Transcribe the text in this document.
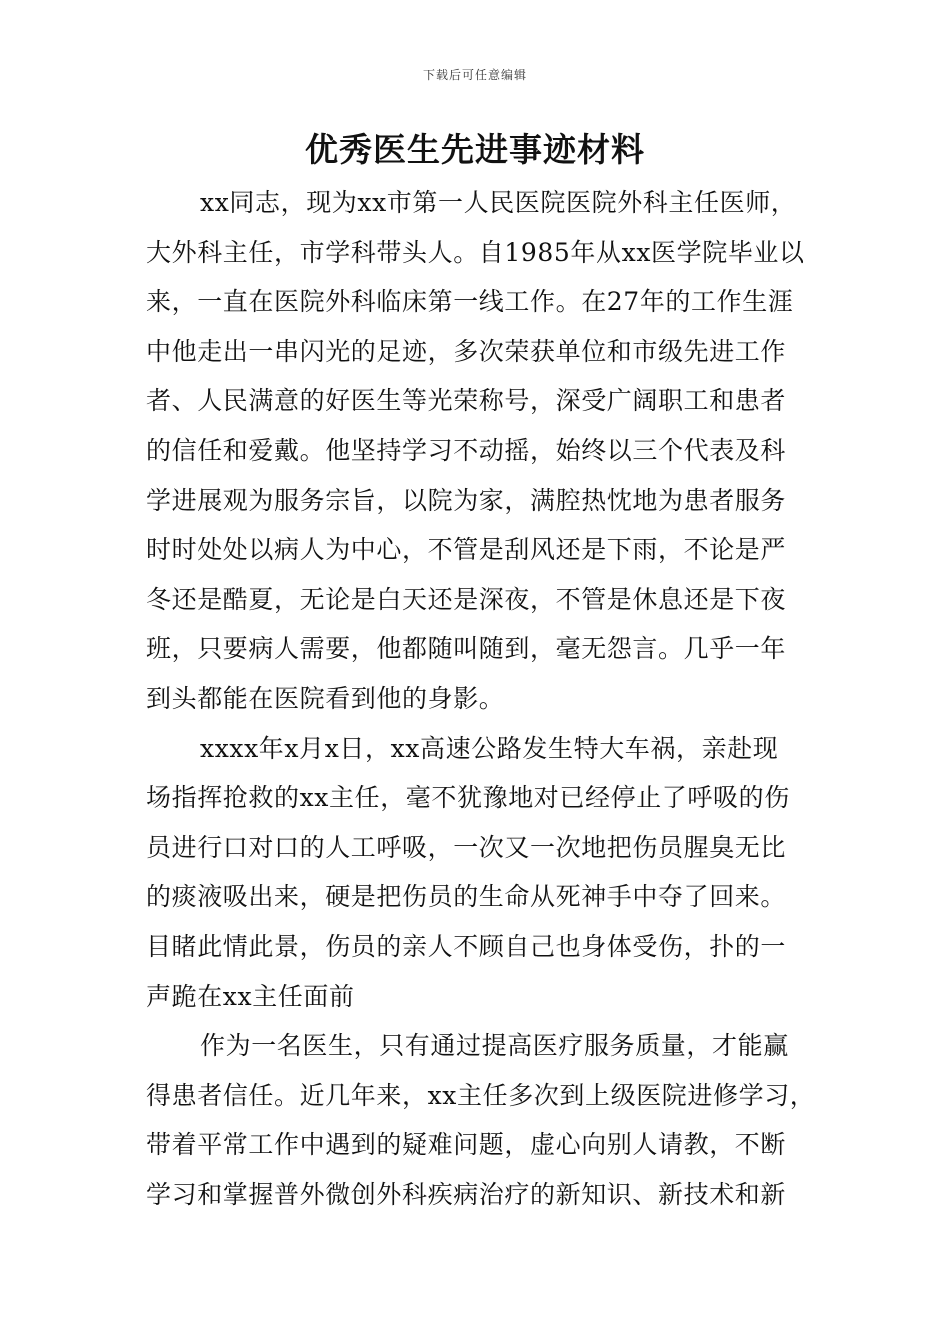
下载后可任意编辑
优秀医生先进事迹材料
xx同志，现为xx市第一人民医院医院外科主任医师，
大外科主任，市学科带头人。自1985年从xx医学院毕业以
来，一直在医院外科临床第一线工作。在27年的工作生涯
中他走出一串闪光的足迹，多次荣获单位和市级先进工作
者、人民满意的好医生等光荣称号，深受广阔职工和患者
的信任和爱戴。他坚持学习不动摇，始终以三个代表及科
学进展观为服务宗旨，以院为家，满腔热忱地为患者服务
时时处处以病人为中心，不管是刮风还是下雨，不论是严
冬还是酷夏，无论是白天还是深夜，不管是休息还是下夜
班，只要病人需要，他都随叫随到，毫无怨言。几乎一年
到头都能在医院看到他的身影。
xxxx年x月x日，xx高速公路发生特大车祸，亲赴现
场指挥抢救的xx主任，毫不犹豫地对已经停止了呼吸的伤
员进行口对口的人工呼吸，一次又一次地把伤员腥臭无比
的痰液吸出来，硬是把伤员的生命从死神手中夺了回来。
目睹此情此景，伤员的亲人不顾自己也身体受伤，扑的一
声跪在xx主任面前
作为一名医生，只有通过提高医疗服务质量，才能赢
得患者信任。近几年来，xx主任多次到上级医院进修学习，
带着平常工作中遇到的疑难问题，虚心向别人请教，不断
学习和掌握普外微创外科疾病治疗的新知识、新技术和新
